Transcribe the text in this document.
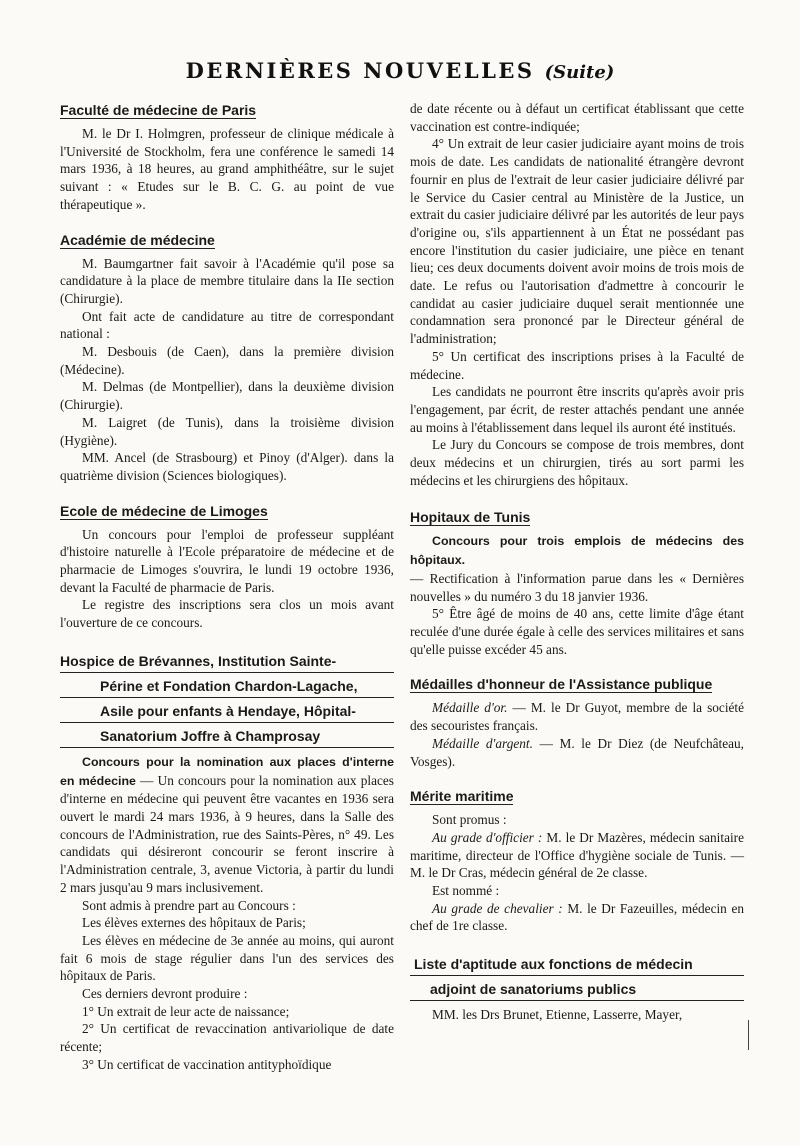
DERNIÈRES NOUVELLES (Suite)
Faculté de médecine de Paris

M. le Dr I. Holmgren, professeur de clinique médicale à l'Université de Stockholm, fera une conférence le samedi 14 mars 1936, à 18 heures, au grand amphithéâtre, sur le sujet suivant : « Etudes sur le B. C. G. au point de vue thérapeutique ».

Académie de médecine

M. Baumgartner fait savoir à l'Académie qu'il pose sa candidature à la place de membre titulaire dans la IIe section (Chirurgie).

Ont fait acte de candidature au titre de correspondant national :

M. Desbouis (de Caen), dans la première division (Médecine).

M. Delmas (de Montpellier), dans la deuxième division (Chirurgie).

M. Laigret (de Tunis), dans la troisième division (Hygiène).

MM. Ancel (de Strasbourg) et Pinoy (d'Alger). dans la quatrième division (Sciences biologiques).

Ecole de médecine de Limoges

Un concours pour l'emploi de professeur suppléant d'histoire naturelle à l'Ecole préparatoire de médecine et de pharmacie de Limoges s'ouvrira, le lundi 19 octobre 1936, devant la Faculté de pharmacie de Paris.

Le registre des inscriptions sera clos un mois avant l'ouverture de ce concours.

Hospice de Brévannes, Institution Sainte-
Périne et Fondation Chardon-Lagache,
Asile pour enfants à Hendaye, Hôpital-
Sanatorium Joffre à Champrosay

Concours pour la nomination aux places d'interne en médecine — Un concours pour la nomination aux places d'interne en médecine qui peuvent être vacantes en 1936 sera ouvert le mardi 24 mars 1936, à 9 heures, dans la Salle des concours de l'Administration, rue des Saints-Pères, n° 49. Les candidats qui désireront concourir se feront inscrire à l'Administration centrale, 3, avenue Victoria, à partir du lundi 2 mars jusqu'au 9 mars inclusivement.

Sont admis à prendre part au Concours :

Les élèves externes des hôpitaux de Paris;

Les élèves en médecine de 3e année au moins, qui auront fait 6 mois de stage régulier dans l'un des services des hôpitaux de Paris.

Ces derniers devront produire :

1° Un extrait de leur acte de naissance;

2° Un certificat de revaccination antivariolique de date récente;

3° Un certificat de vaccination antityphoïdique

de date récente ou à défaut un certificat établissant que cette vaccination est contre-indiquée;

4° Un extrait de leur casier judiciaire ayant moins de trois mois de date. Les candidats de nationalité étrangère devront fournir en plus de l'extrait de leur casier judiciaire délivré par le Service du Casier central au Ministère de la Justice, un extrait du casier judiciaire délivré par les autorités de leur pays d'origine ou, s'ils appartiennent à un État ne possédant pas encore l'institution du casier judiciaire, une pièce en tenant lieu; ces deux documents doivent avoir moins de trois mois de date. Le refus ou l'autorisation d'admettre à concourir le candidat au casier judiciaire duquel serait mentionnée une condamnation sera prononcé par le Directeur général de l'administration;

5° Un certificat des inscriptions prises à la Faculté de médecine.

Les candidats ne pourront être inscrits qu'après avoir pris l'engagement, par écrit, de rester attachés pendant une année au moins à l'établissement dans lequel ils auront été institués.

Le Jury du Concours se compose de trois membres, dont deux médecins et un chirurgien, tirés au sort parmi les médecins et les chirurgiens des hôpitaux.

Hopitaux de Tunis

Concours pour trois emplois de médecins des hôpitaux.

— Rectification à l'information parue dans les « Dernières nouvelles » du numéro 3 du 18 janvier 1936.

5° Être âgé de moins de 40 ans, cette limite d'âge étant reculée d'une durée égale à celle des services militaires et sans qu'elle puisse excéder 45 ans.

Médailles d'honneur de l'Assistance publique

Médaille d'or. — M. le Dr Guyot, membre de la société des secouristes français.

Médaille d'argent. — M. le Dr Diez (de Neufchâteau, Vosges).

Mérite maritime

Sont promus :

Au grade d'officier : M. le Dr Mazères, médecin sanitaire maritime, directeur de l'Office d'hygiène sociale de Tunis. — M. le Dr Cras, médecin général de 2e classe.

Est nommé :

Au grade de chevalier : M. le Dr Fazeuilles, médecin en chef de 1re classe.

Liste d'aptitude aux fonctions de médecin
adjoint de sanatoriums publics

MM. les Drs Brunet, Etienne, Lasserre, Mayer,
